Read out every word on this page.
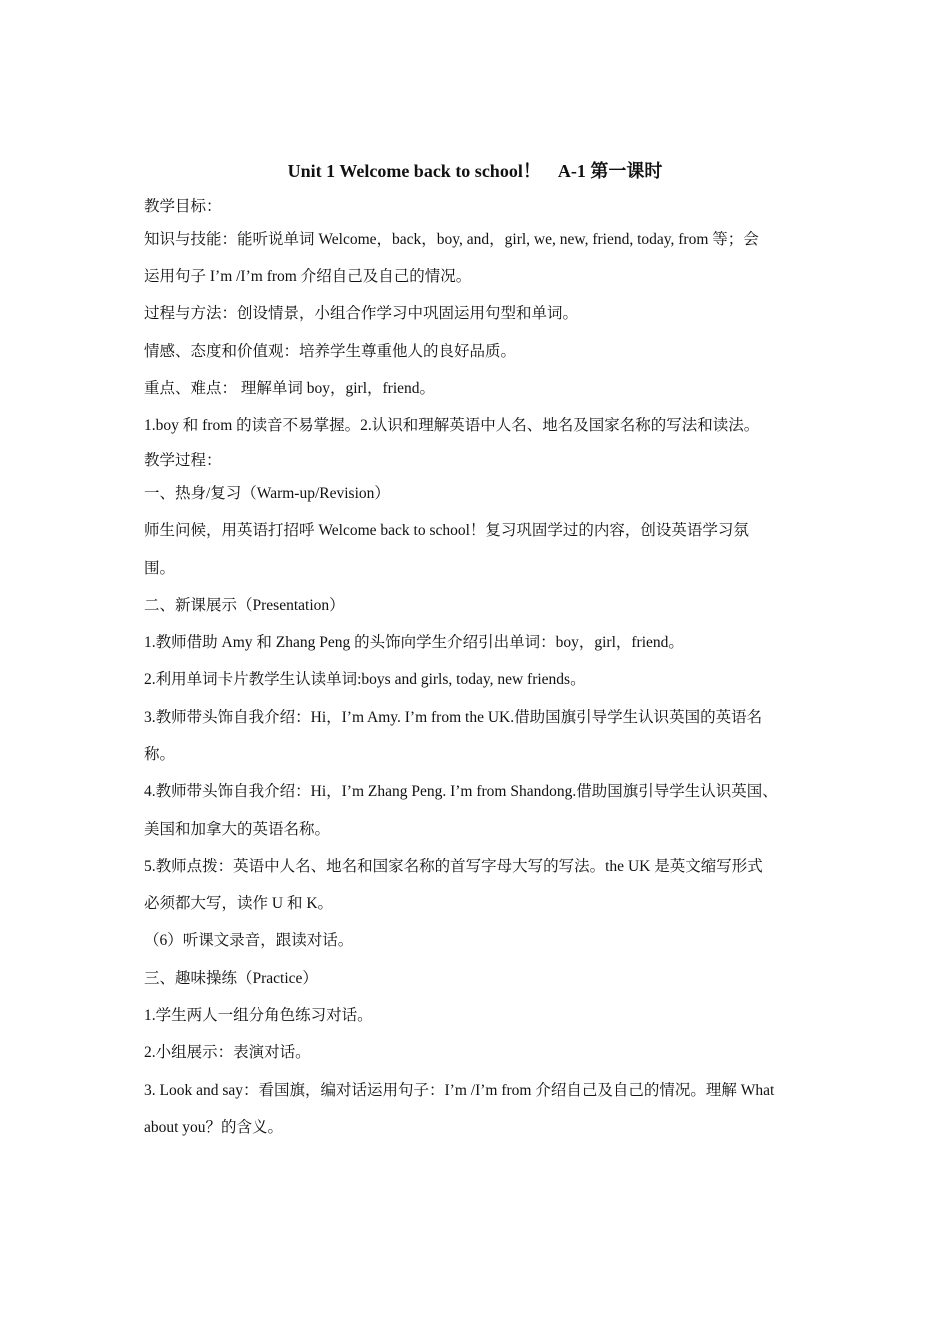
Unit 1 Welcome back to school！    A-1 第一课时
教学目标：
知识与技能：能听说单词 Welcome，back，boy, and，girl, we, new, friend, today, from 等；会
运用句子 I’m /I’m from 介绍自己及自己的情况。
过程与方法：创设情景，小组合作学习中巩固运用句型和单词。
情感、态度和价值观：培养学生尊重他人的良好品质。
重点、难点： 理解单词 boy，girl，friend。
1.boy 和 from 的读音不易掌握。2.认识和理解英语中人名、地名及国家名称的写法和读法。
教学过程：
一、热身/复习（Warm-up/Revision）
师生问候，用英语打招呼 Welcome back to school！复习巩固学过的内容，创设英语学习氛
围。
二、新课展示（Presentation）
1.教师借助 Amy 和 Zhang Peng 的头饰向学生介绍引出单词：boy，girl，friend。
2.利用单词卡片教学生认读单词:boys and girls, today, new friends。
3.教师带头饰自我介绍：Hi，I’m Amy. I’m from the UK.借助国旗引导学生认识英国的英语名
称。
4.教师带头饰自我介绍：Hi，I’m Zhang Peng. I’m from Shandong.借助国旗引导学生认识英国、
美国和加拿大的英语名称。
5.教师点拨：英语中人名、地名和国家名称的首写字母大写的写法。the UK 是英文缩写形式
必须都大写，读作 U 和 K。
（6）听课文录音，跟读对话。
三、趣味操练（Practice）
1.学生两人一组分角色练习对话。
2.小组展示：表演对话。
3. Look and say：看国旗，编对话运用句子：I’m /I’m from 介绍自己及自己的情况。理解 What
about you？的含义。
